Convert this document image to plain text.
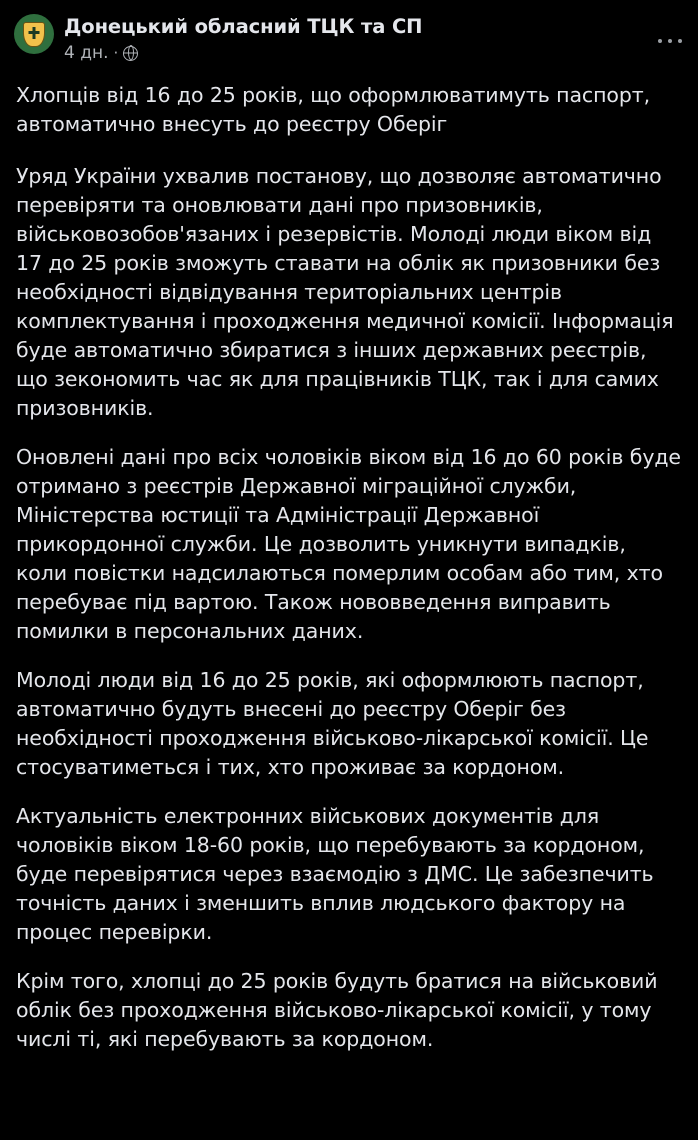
Донецький обласний ТЦК та СП
4 дн. ·

Хлопців від 16 до 25 років, що оформлюватимуть паспорт, автоматично внесуть до реєстру Оберіг

Уряд України ухвалив постанову, що дозволяє автоматично перевіряти та оновлювати дані про призовників, військовозобов'язаних і резервістів. Молоді люди віком від 17 до 25 років зможуть ставати на облік як призовники без необхідності відвідування територіальних центрів комплектування і проходження медичної комісії. Інформація буде автоматично збиратися з інших державних реєстрів, що зекономить час як для працівників ТЦК, так і для самих призовників.

Оновлені дані про всіх чоловіків віком від 16 до 60 років буде отримано з реєстрів Державної міграційної служби, Міністерства юстиції та Адміністрації Державної прикордонної служби. Це дозволить уникнути випадків, коли повістки надсилаються померлим особам або тим, хто перебуває під вартою. Також нововведення виправить помилки в персональних даних.

Молоді люди від 16 до 25 років, які оформлюють паспорт, автоматично будуть внесені до реєстру Оберіг без необхідності проходження військово-лікарської комісії. Це стосуватиметься і тих, хто проживає за кордоном.

Актуальність електронних військових документів для чоловіків віком 18-60 років, що перебувають за кордоном, буде перевірятися через взаємодію з ДМС. Це забезпечить точність даних і зменшить вплив людського фактору на процес перевірки.

Крім того, хлопці до 25 років будуть братися на військовий облік без проходження військово-лікарської комісії, у тому числі ті, які перебувають за кордоном.
